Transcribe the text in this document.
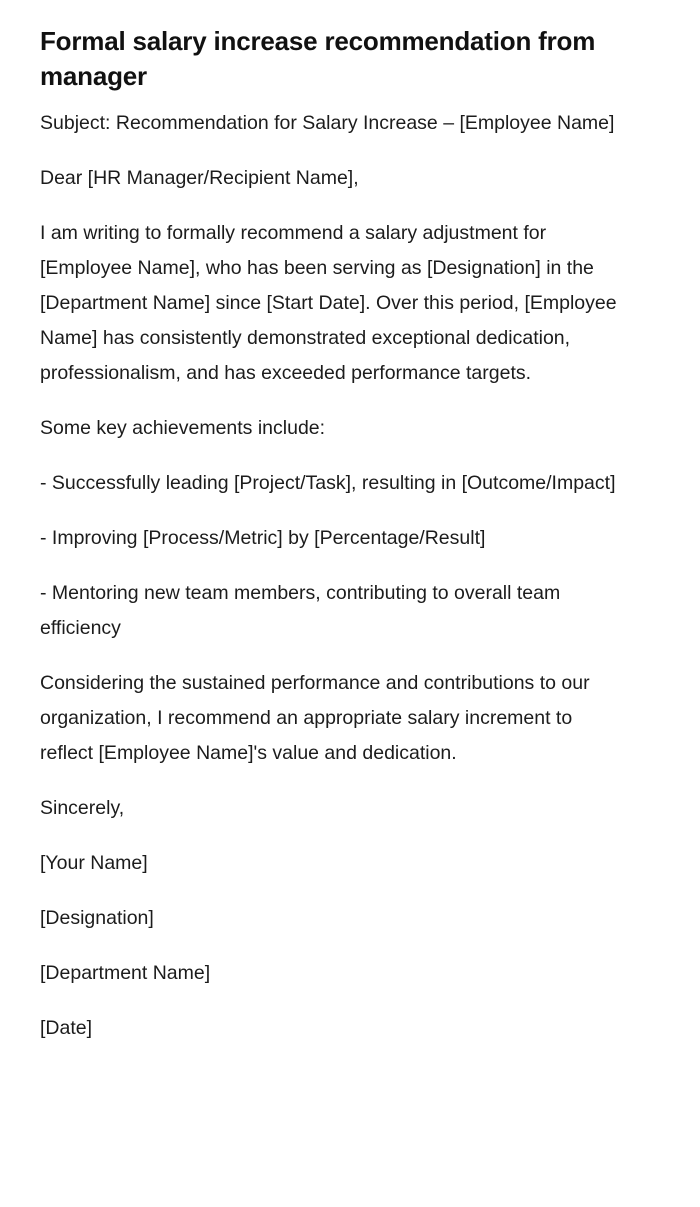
Formal salary increase recommendation from manager

Subject: Recommendation for Salary Increase – [Employee Name]

Dear [HR Manager/Recipient Name],

I am writing to formally recommend a salary adjustment for [Employee Name], who has been serving as [Designation] in the [Department Name] since [Start Date]. Over this period, [Employee Name] has consistently demonstrated exceptional dedication, professionalism, and has exceeded performance targets.

Some key achievements include:

- Successfully leading [Project/Task], resulting in [Outcome/Impact]

- Improving [Process/Metric] by [Percentage/Result]

- Mentoring new team members, contributing to overall team efficiency

Considering the sustained performance and contributions to our organization, I recommend an appropriate salary increment to reflect [Employee Name]'s value and dedication.

Sincerely,

[Your Name]

[Designation]

[Department Name]

[Date]
